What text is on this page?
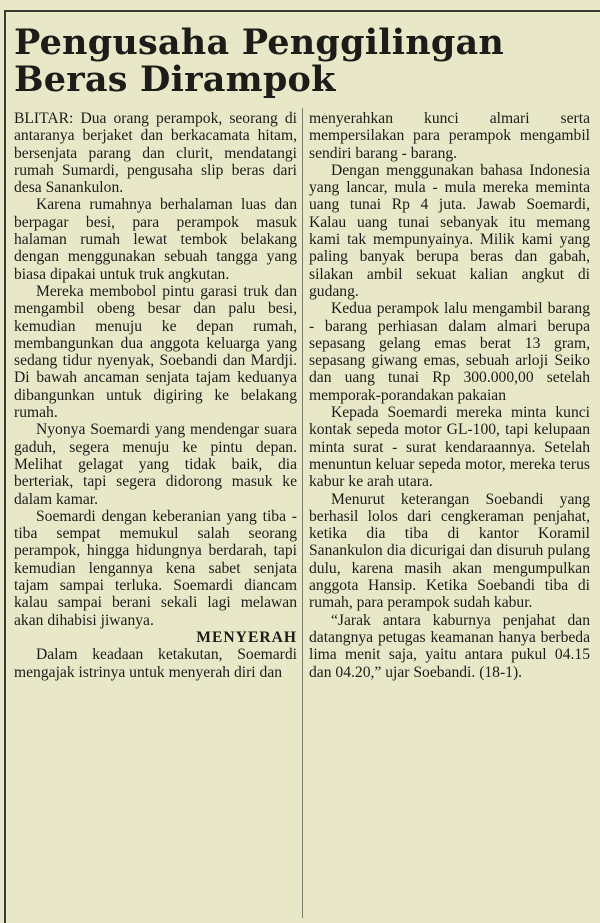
Pengusaha Penggilingan Beras Dirampok

BLITAR: Dua orang perampok, seorang di antaranya berjaket dan berkacamata hitam, bersenjata parang dan clurit, mendatangi rumah Sumardi, pengusaha slip beras dari desa Sanankulon.

Karena rumahnya berhalaman luas dan berpagar besi, para perampok masuk halaman rumah lewat tembok belakang dengan menggunakan sebuah tangga yang biasa dipakai untuk truk angkutan.

Mereka membobol pintu garasi truk dan mengambil obeng besar dan palu besi, kemudian menuju ke depan rumah, membangunkan dua anggota keluarga yang sedang tidur nyenyak, Soebandi dan Mardji. Di bawah ancaman senjata tajam keduanya dibangunkan untuk digiring ke belakang rumah.

Nyonya Soemardi yang mendengar suara gaduh, segera menuju ke pintu depan. Melihat gelagat yang tidak baik, dia berteriak, tapi segera didorong masuk ke dalam kamar.

Soemardi dengan keberanian yang tiba - tiba sempat memukul salah seorang perampok, hingga hidungnya berdarah, tapi kemudian lengannya kena sabet senjata tajam sampai terluka. Soemardi diancam kalau sampai berani sekali lagi melawan akan dihabisi jiwanya.

MENYERAH

Dalam keadaan ketakutan, Soemardi mengajak istrinya untuk menyerah diri dan

menyerahkan kunci almari serta mempersilakan para perampok mengambil sendiri barang - barang.

Dengan menggunakan bahasa Indonesia yang lancar, mula - mula mereka meminta uang tunai Rp 4 juta. Jawab Soemardi, Kalau uang tunai sebanyak itu memang kami tak mempunyainya. Milik kami yang paling banyak berupa beras dan gabah, silakan ambil sekuat kalian angkut di gudang.

Kedua perampok lalu mengambil barang - barang perhiasan dalam almari berupa sepasang gelang emas berat 13 gram, sepasang giwang emas, sebuah arloji Seiko dan uang tunai Rp 300.000,00 setelah memporak-porandakan pakaian

Kepada Soemardi mereka minta kunci kontak sepeda motor GL-100, tapi kelupaan minta surat - surat kendaraannya. Setelah menuntun keluar sepeda motor, mereka terus kabur ke arah utara.

Menurut keterangan Soebandi yang berhasil lolos dari cengkeraman penjahat, ketika dia tiba di kantor Koramil Sanankulon dia dicurigai dan disuruh pulang dulu, karena masih akan mengumpulkan anggota Hansip. Ketika Soebandi tiba di rumah, para perampok sudah kabur.

“Jarak antara kaburnya penjahat dan datangnya petugas keamanan hanya berbeda lima menit saja, yaitu antara pukul 04.15 dan 04.20,” ujar Soebandi. (18-1).
